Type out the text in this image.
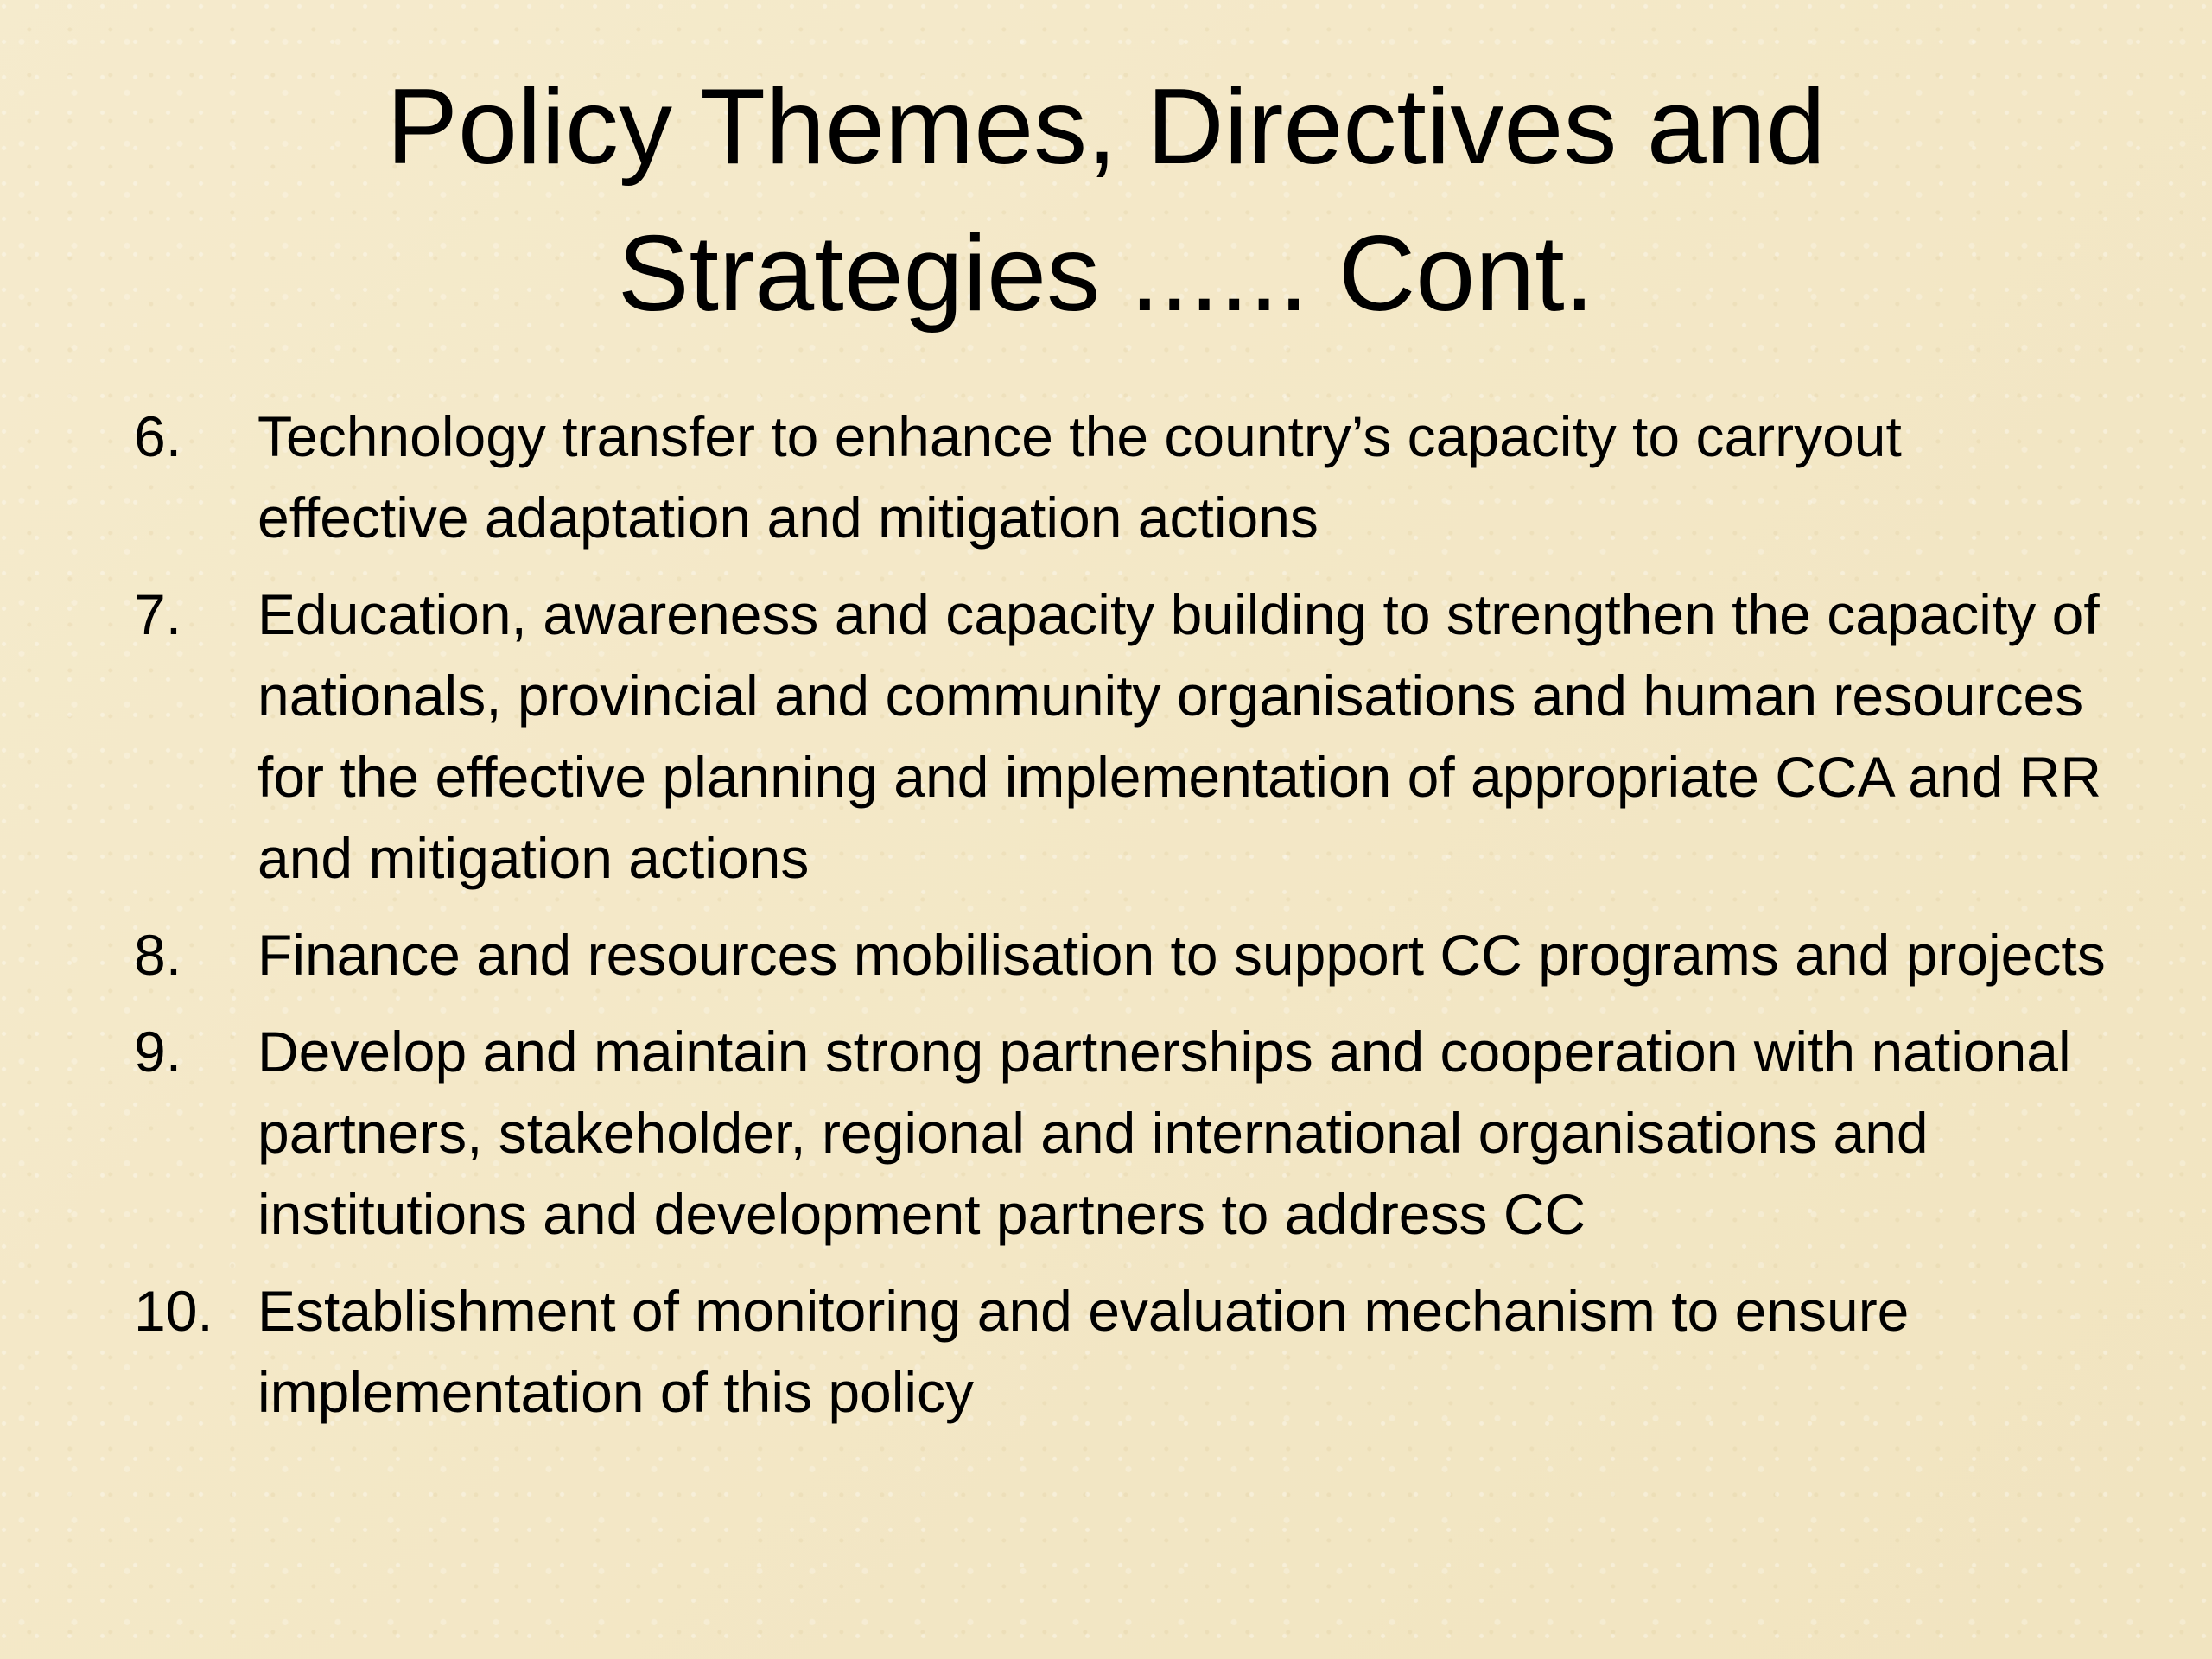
Policy Themes, Directives and Strategies ...... Cont.
6.	Technology transfer to enhance the country’s capacity to carryout effective adaptation and mitigation actions
7.	Education, awareness and capacity building to strengthen the capacity of nationals, provincial and community organisations and human resources for the effective planning and implementation of appropriate CCA and RR and mitigation actions
8.	Finance and resources mobilisation to support CC programs and projects
9.	Develop and maintain strong partnerships and cooperation with national partners, stakeholder, regional and international organisations and institutions and development partners to address CC
10. Establishment of monitoring and evaluation mechanism to ensure implementation of this policy
